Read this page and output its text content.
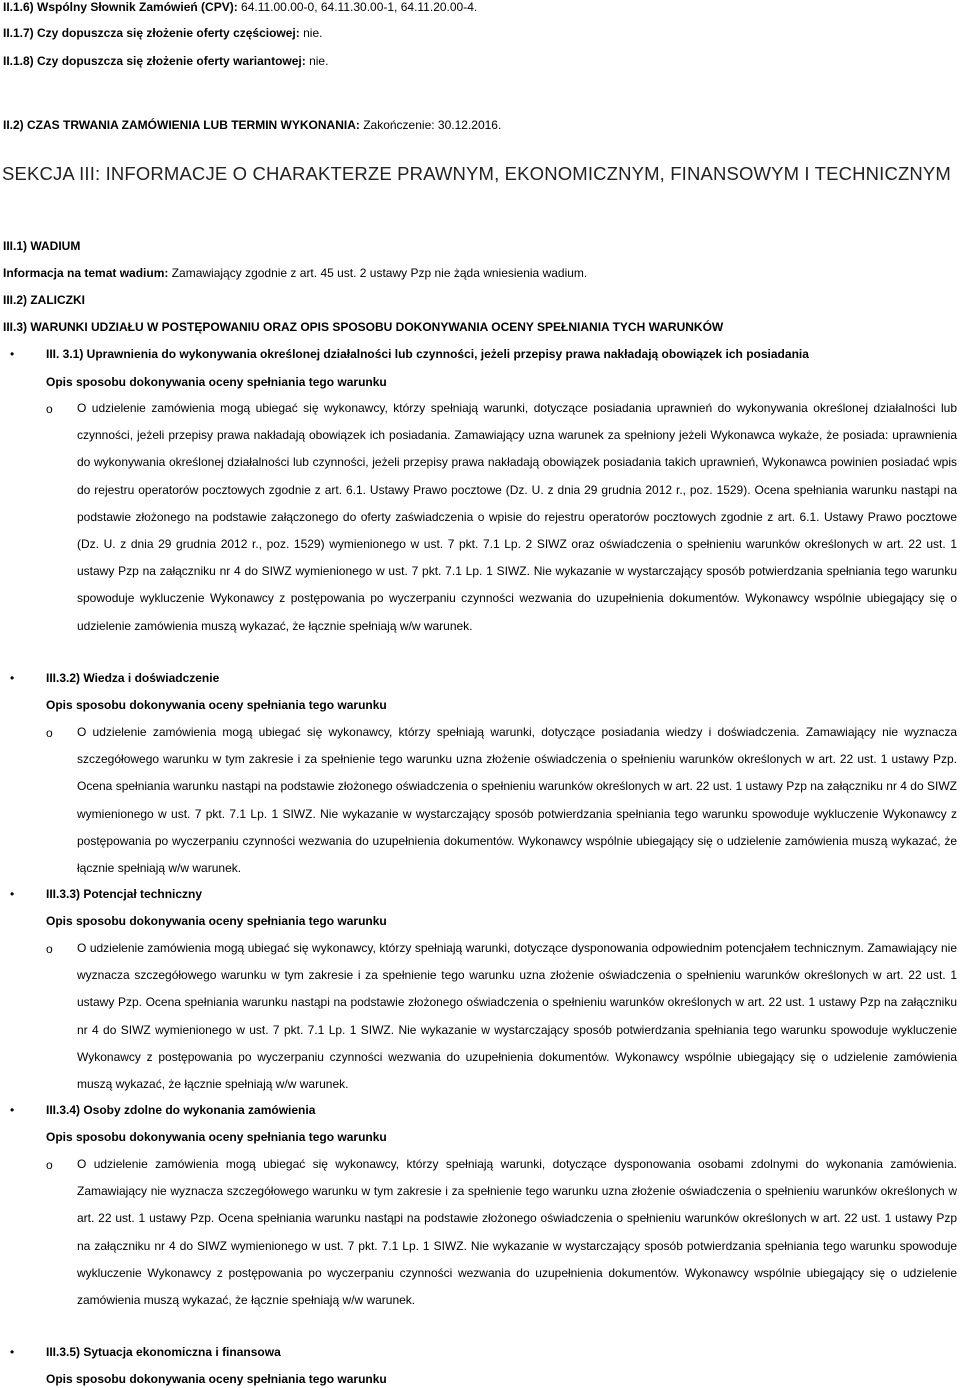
II.1.6) Wspólny Słownik Zamówień (CPV): 64.11.00.00-0, 64.11.30.00-1, 64.11.20.00-4.
II.1.7) Czy dopuszcza się złożenie oferty częściowej: nie.
II.1.8) Czy dopuszcza się złożenie oferty wariantowej: nie.
II.2) CZAS TRWANIA ZAMÓWIENIA LUB TERMIN WYKONANIA: Zakończenie: 30.12.2016.
SEKCJA III: INFORMACJE O CHARAKTERZE PRAWNYM, EKONOMICZNYM, FINANSOWYM I TECHNICZNYM
III.1) WADIUM
Informacja na temat wadium: Zamawiający zgodnie z art. 45 ust. 2 ustawy Pzp nie żąda wniesienia wadium.
III.2) ZALICZKI
III.3) WARUNKI UDZIAŁU W POSTĘPOWANIU ORAZ OPIS SPOSOBU DOKONYWANIA OCENY SPEŁNIANIA TYCH WARUNKÓW
•	III. 3.1) Uprawnienia do wykonywania określonej działalności lub czynności, jeżeli przepisy prawa nakładają obowiązek ich posiadania
Opis sposobu dokonywania oceny spełniania tego warunku
o O udzielenie zamówienia mogą ubiegać się wykonawcy, którzy spełniają warunki, dotyczące posiadania uprawnień do wykonywania określonej działalności lub czynności, jeżeli przepisy prawa nakładają obowiązek ich posiadania. Zamawiający uzna warunek za spełniony jeżeli Wykonawca wykaże, że posiada: uprawnienia do wykonywania określonej działalności lub czynności, jeżeli przepisy prawa nakładają obowiązek posiadania takich uprawnień, Wykonawca powinien posiadać wpis do rejestru operatorów pocztowych zgodnie z art. 6.1. Ustawy Prawo pocztowe (Dz. U. z dnia 29 grudnia 2012 r., poz. 1529). Ocena spełniania warunku nastąpi na podstawie złożonego na podstawie załączonego do oferty zaświadczenia o wpisie do rejestru operatorów pocztowych zgodnie z art. 6.1. Ustawy Prawo pocztowe (Dz. U. z dnia 29 grudnia 2012 r., poz. 1529) wymienionego w ust. 7 pkt. 7.1 Lp. 2 SIWZ oraz oświadczenia o spełnieniu warunków określonych w art. 22 ust. 1 ustawy Pzp na załączniku nr 4 do SIWZ wymienionego w ust. 7 pkt. 7.1 Lp. 1 SIWZ. Nie wykazanie w wystarczający sposób potwierdzania spełniania tego warunku spowoduje wykluczenie Wykonawcy z postępowania po wyczerpaniu czynności wezwania do uzupełnienia dokumentów. Wykonawcy wspólnie ubiegający się o udzielenie zamówienia muszą wykazać, że łącznie spełniają w/w warunek.
•	III.3.2) Wiedza i doświadczenie
Opis sposobu dokonywania oceny spełniania tego warunku
o O udzielenie zamówienia mogą ubiegać się wykonawcy, którzy spełniają warunki, dotyczące posiadania wiedzy i doświadczenia. Zamawiający nie wyznacza szczegółowego warunku w tym zakresie i za spełnienie tego warunku uzna złożenie oświadczenia o spełnieniu warunków określonych w art. 22 ust. 1 ustawy Pzp. Ocena spełniania warunku nastąpi na podstawie złożonego oświadczenia o spełnieniu warunków określonych w art. 22 ust. 1 ustawy Pzp na załączniku nr 4 do SIWZ wymienionego w ust. 7 pkt. 7.1 Lp. 1 SIWZ. Nie wykazanie w wystarczający sposób potwierdzania spełniania tego warunku spowoduje wykluczenie Wykonawcy z postępowania po wyczerpaniu czynności wezwania do uzupełnienia dokumentów. Wykonawcy wspólnie ubiegający się o udzielenie zamówienia muszą wykazać, że łącznie spełniają w/w warunek.
•	III.3.3) Potencjał techniczny
Opis sposobu dokonywania oceny spełniania tego warunku
o O udzielenie zamówienia mogą ubiegać się wykonawcy, którzy spełniają warunki, dotyczące dysponowania odpowiednim potencjałem technicznym. Zamawiający nie wyznacza szczegółowego warunku w tym zakresie i za spełnienie tego warunku uzna złożenie oświadczenia o spełnieniu warunków określonych w art. 22 ust. 1 ustawy Pzp. Ocena spełniania warunku nastąpi na podstawie złożonego oświadczenia o spełnieniu warunków określonych w art. 22 ust. 1 ustawy Pzp na załączniku nr 4 do SIWZ wymienionego w ust. 7 pkt. 7.1 Lp. 1 SIWZ. Nie wykazanie w wystarczający sposób potwierdzania spełniania tego warunku spowoduje wykluczenie Wykonawcy z postępowania po wyczerpaniu czynności wezwania do uzupełnienia dokumentów. Wykonawcy wspólnie ubiegający się o udzielenie zamówienia muszą wykazać, że łącznie spełniają w/w warunek.
•	III.3.4) Osoby zdolne do wykonania zamówienia
Opis sposobu dokonywania oceny spełniania tego warunku
o O udzielenie zamówienia mogą ubiegać się wykonawcy, którzy spełniają warunki, dotyczące dysponowania osobami zdolnymi do wykonania zamówienia. Zamawiający nie wyznacza szczegółowego warunku w tym zakresie i za spełnienie tego warunku uzna złożenie oświadczenia o spełnieniu warunków określonych w art. 22 ust. 1 ustawy Pzp. Ocena spełniania warunku nastąpi na podstawie złożonego oświadczenia o spełnieniu warunków określonych w art. 22 ust. 1 ustawy Pzp na załączniku nr 4 do SIWZ wymienionego w ust. 7 pkt. 7.1 Lp. 1 SIWZ. Nie wykazanie w wystarczający sposób potwierdzania spełniania tego warunku spowoduje wykluczenie Wykonawcy z postępowania po wyczerpaniu czynności wezwania do uzupełnienia dokumentów. Wykonawcy wspólnie ubiegający się o udzielenie zamówienia muszą wykazać, że łącznie spełniają w/w warunek.
•	III.3.5) Sytuacja ekonomiczna i finansowa
Opis sposobu dokonywania oceny spełniania tego warunku
